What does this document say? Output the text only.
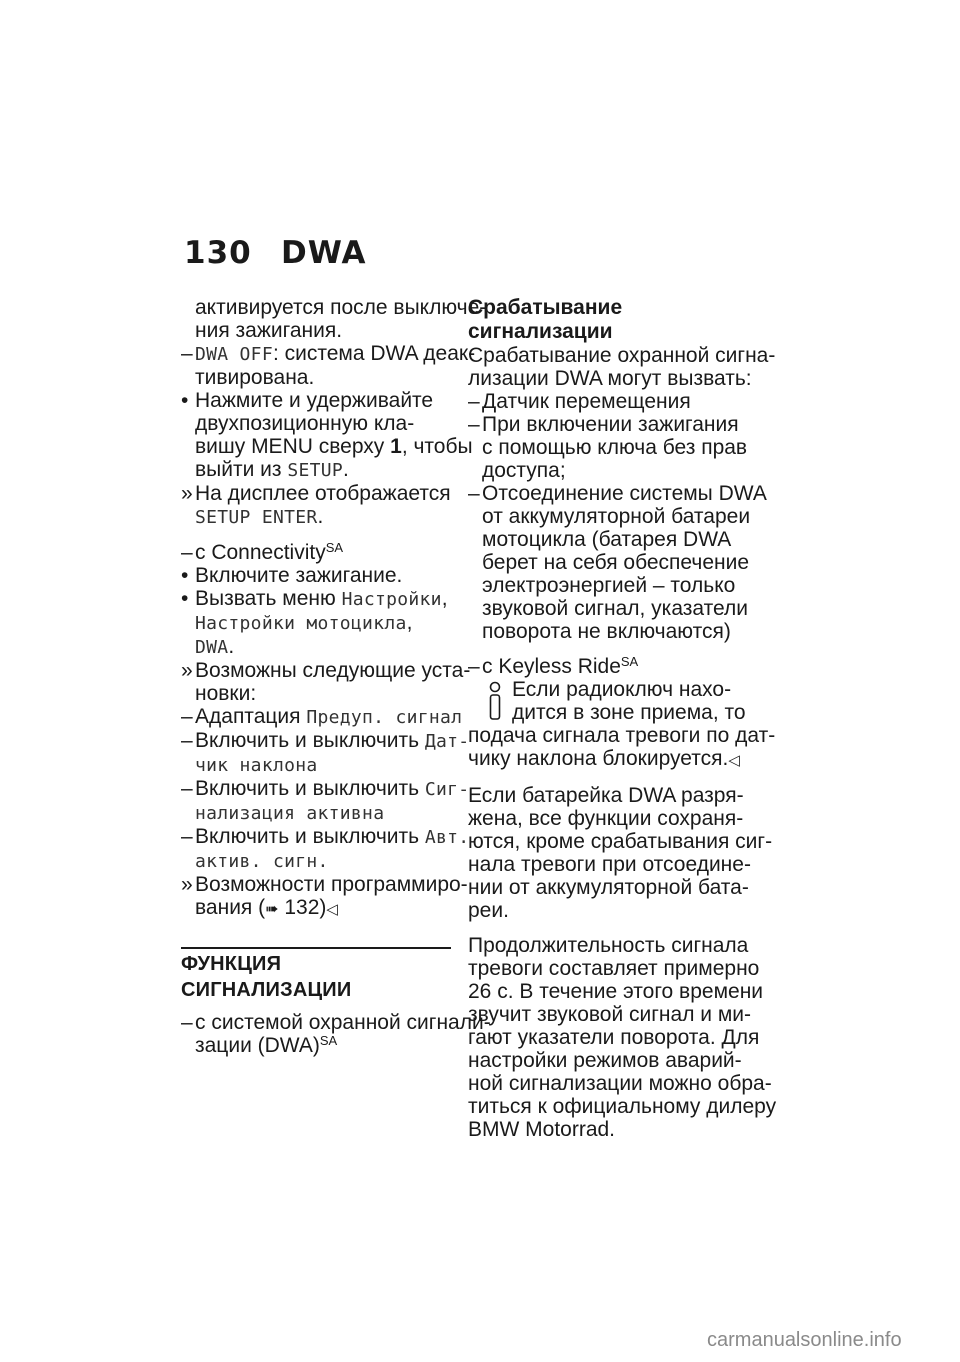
130 DWA
активируется после выключе-
ния зажигания.
– DWA OFF: система DWA деак-
тивирована.
• Нажмите и удерживайте
двухпозиционную кла-
вишу MENU сверху 1, чтобы
выйти из SETUP.
» На дисплее отображается
SETUP ENTER.
– с Connectivity$^{SA}$
• Включите зажигание.
• Вызвать меню Настройки,
Настройки мотоцикла,
DWA.
» Возможны следующие уста-
новки:
– Адаптация Предуп. сигнал
– Включить и выключить Дат-
чик наклона
– Включить и выключить Сиг-
нализация активна
– Включить и выключить Авт.
актив. сигн.
» Возможности программиро-
вания (➠ 132)◁
ФУНКЦИЯ СИГНАЛИЗАЦИИ
– с системой охранной сигнали-
зации (DWA)$^{SA}$
Срабатывание
сигнализации
Срабатывание охранной сигна-
лизации DWA могут вызвать:
– Датчик перемещения
– При включении зажигания
с помощью ключа без прав
доступа;
– Отсоединение системы DWA
от аккумуляторной батареи
мотоцикла (батарея DWA
берет на себя обеспечение
электроэнергией – только
звуковой сигнал, указатели
поворота не включаются)
– с Keyless Ride$^{SA}$
Если радиоключ нахо-
дится в зоне приема, то
подача сигнала тревоги по дат-
чику наклона блокируется.◁
Если батарейка DWA разря-
жена, все функции сохраня-
ются, кроме срабатывания сиг-
нала тревоги при отсоедине-
нии от аккумуляторной бата-
реи.
Продолжительность сигнала
тревоги составляет примерно
26 с. В течение этого времени
звучит звуковой сигнал и ми-
гают указатели поворота. Для
настройки режимов аварий-
ной сигнализации можно обра-
титься к официальному дилеру
BMW Motorrad.
carmanualsonline.info
